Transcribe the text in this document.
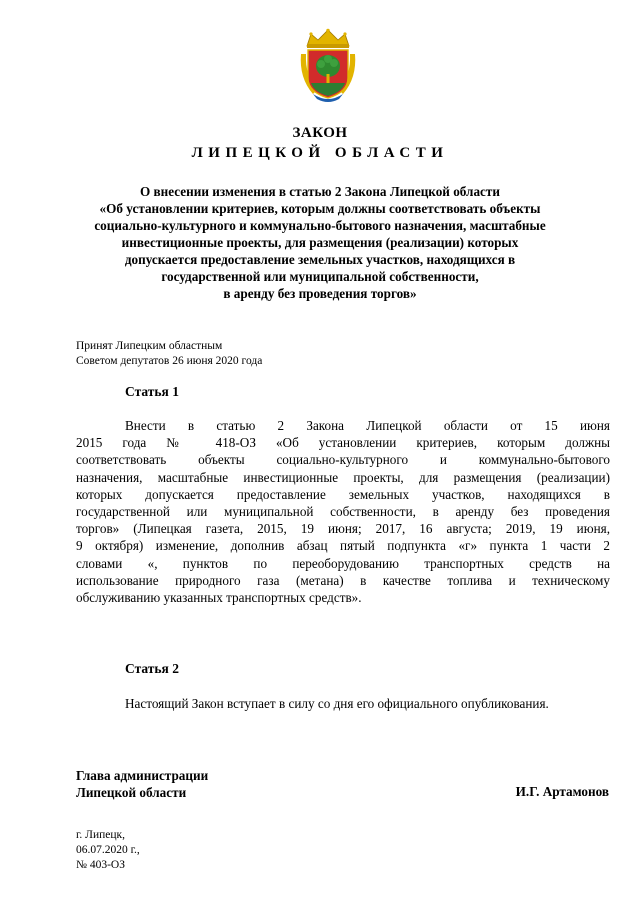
ЗАКОН
ЛИПЕЦКОЙ ОБЛАСТИ
О внесении изменения в статью 2 Закона Липецкой области
«Об установлении критериев, которым должны соответствовать объекты
социально-культурного и коммунально-бытового назначения, масштабные
инвестиционные проекты, для размещения (реализации) которых
допускается предоставление земельных участков, находящихся в
государственной или муниципальной собственности,
в аренду без проведения торгов»
Принят Липецким областным
Советом депутатов 26 июня 2020 года
Статья 1
Внести в статью 2 Закона Липецкой области от 15 июня
2015 года № 418-ОЗ «Об установлении критериев, которым должны
соответствовать объекты социально-культурного и коммунально-бытового
назначения, масштабные инвестиционные проекты, для размещения (реализации)
которых допускается предоставление земельных участков, находящихся в
государственной или муниципальной собственности, в аренду без проведения
торгов» (Липецкая газета, 2015, 19 июня; 2017, 16 августа; 2019, 19 июня,
9 октября) изменение, дополнив абзац пятый подпункта «г» пункта 1 части 2
словами «, пунктов по переоборудованию транспортных средств на
использование природного газа (метана) в качестве топлива и техническому
обслуживанию указанных транспортных средств».
Статья 2
Настоящий Закон вступает в силу со дня его официального опубликования.
Глава администрации
Липецкой области	И.Г. Артамонов
г. Липецк,
06.07.2020 г.,
№ 403-ОЗ
